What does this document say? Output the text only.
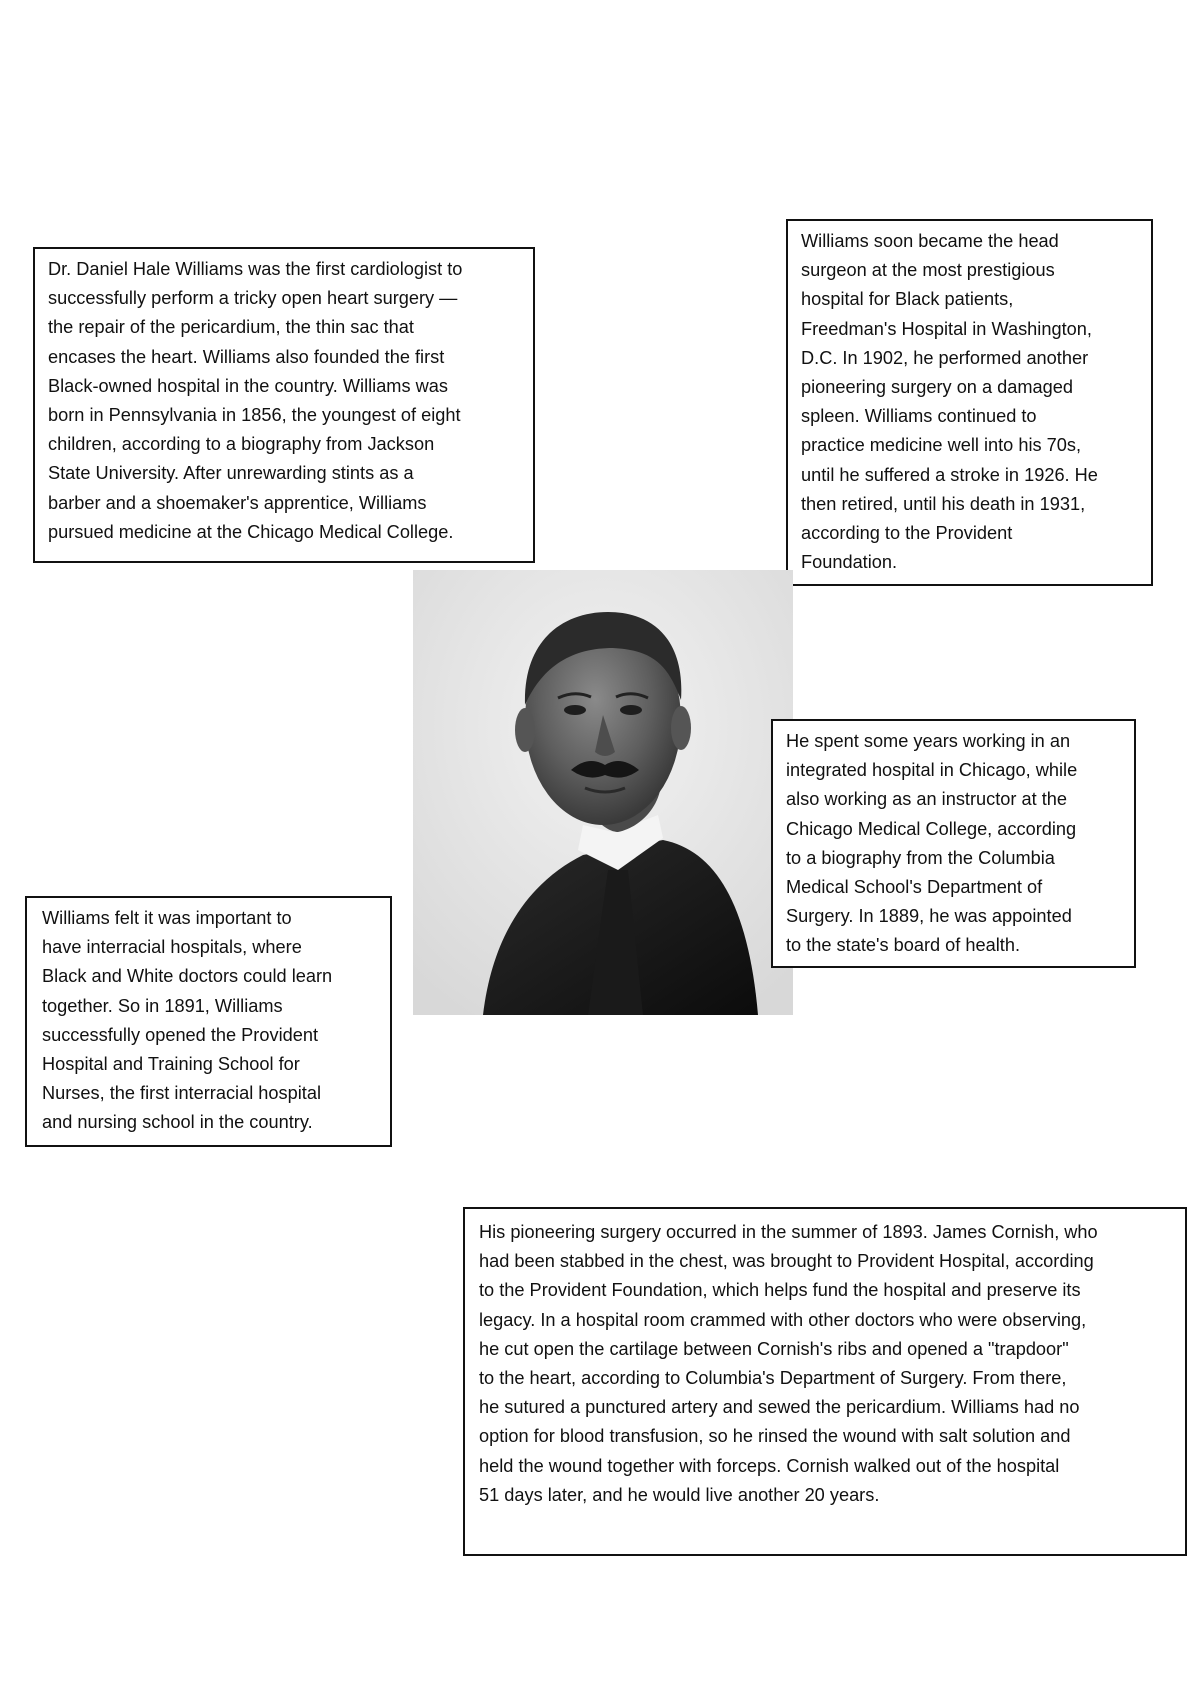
Dr. Daniel Hale Williams was the first cardiologist to
successfully perform a tricky open heart surgery —
the repair of the pericardium, the thin sac that
encases the heart. Williams also founded the first
Black-owned hospital in the country. Williams was
born in Pennsylvania in 1856, the youngest of eight
children, according to a biography from Jackson
State University. After unrewarding stints as a
barber and a shoemaker's apprentice, Williams
pursued medicine at the Chicago Medical College.

Williams soon became the head
surgeon at the most prestigious
hospital for Black patients,
Freedman's Hospital in Washington,
D.C. In 1902, he performed another
pioneering surgery on a damaged
spleen. Williams continued to
practice medicine well into his 70s,
until he suffered a stroke in 1926. He
then retired, until his death in 1931,
according to the Provident
Foundation.

He spent some years working in an
integrated hospital in Chicago, while
also working as an instructor at the
Chicago Medical College, according
to a biography from the Columbia
Medical School's Department of
Surgery. In 1889, he was appointed
to the state's board of health.

Williams felt it was important to
have interracial hospitals, where
Black and White doctors could learn
together. So in 1891, Williams
successfully opened the Provident
Hospital and Training School for
Nurses, the first interracial hospital
and nursing school in the country.

His pioneering surgery occurred in the summer of 1893. James Cornish, who
had been stabbed in the chest, was brought to Provident Hospital, according
to the Provident Foundation, which helps fund the hospital and preserve its
legacy. In a hospital room crammed with other doctors who were observing,
he cut open the cartilage between Cornish's ribs and opened a "trapdoor"
to the heart, according to Columbia's Department of Surgery. From there,
he sutured a punctured artery and sewed the pericardium. Williams had no
option for blood transfusion, so he rinsed the wound with salt solution and
held the wound together with forceps. Cornish walked out of the hospital
51 days later, and he would live another 20 years.
